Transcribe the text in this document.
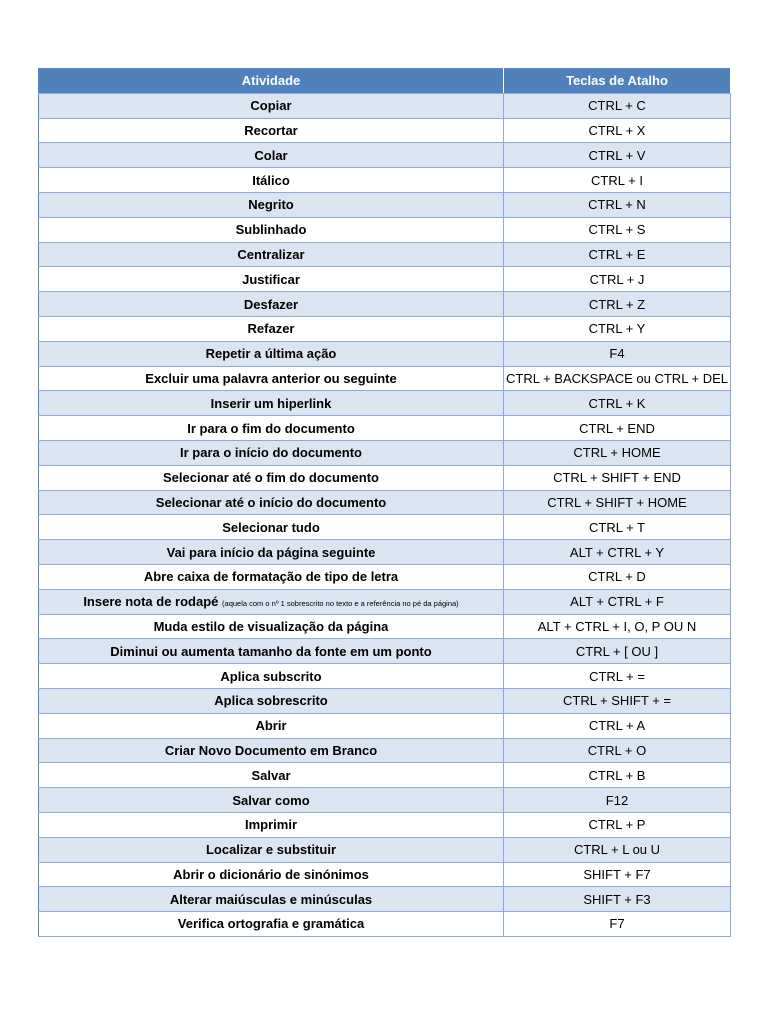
Atividade	Teclas de Atalho
Copiar	CTRL + C
Recortar	CTRL + X
Colar	CTRL + V
Itálico	CTRL + I
Negrito	CTRL + N
Sublinhado	CTRL + S
Centralizar	CTRL + E
Justificar	CTRL + J
Desfazer	CTRL + Z
Refazer	CTRL + Y
Repetir a última ação	F4
Excluir uma palavra anterior ou seguinte	CTRL + BACKSPACE ou CTRL + DEL
Inserir um hiperlink	CTRL + K
Ir para o fim do documento	CTRL + END
Ir para o início do documento	CTRL + HOME
Selecionar até o fim do documento	CTRL + SHIFT + END
Selecionar até o início do documento	CTRL + SHIFT + HOME
Selecionar tudo	CTRL + T
Vai para início da página seguinte	ALT + CTRL + Y
Abre caixa de formatação de tipo de letra	CTRL + D
Insere nota de rodapé (aquela com o nº 1 sobrescrito no texto e a referência no pé da página)	ALT + CTRL + F
Muda estilo de visualização da página	ALT + CTRL + I, O, P OU N
Diminui ou aumenta tamanho da fonte em um ponto	CTRL + [ OU ]
Aplica subscrito	CTRL + =
Aplica sobrescrito	CTRL + SHIFT + =
Abrir	CTRL + A
Criar Novo Documento em Branco	CTRL + O
Salvar	CTRL + B
Salvar como	F12
Imprimir	CTRL + P
Localizar e substituir	CTRL + L ou U
Abrir o dicionário de sinónimos	SHIFT + F7
Alterar maiúsculas e minúsculas	SHIFT + F3
Verifica ortografia e gramática	F7
